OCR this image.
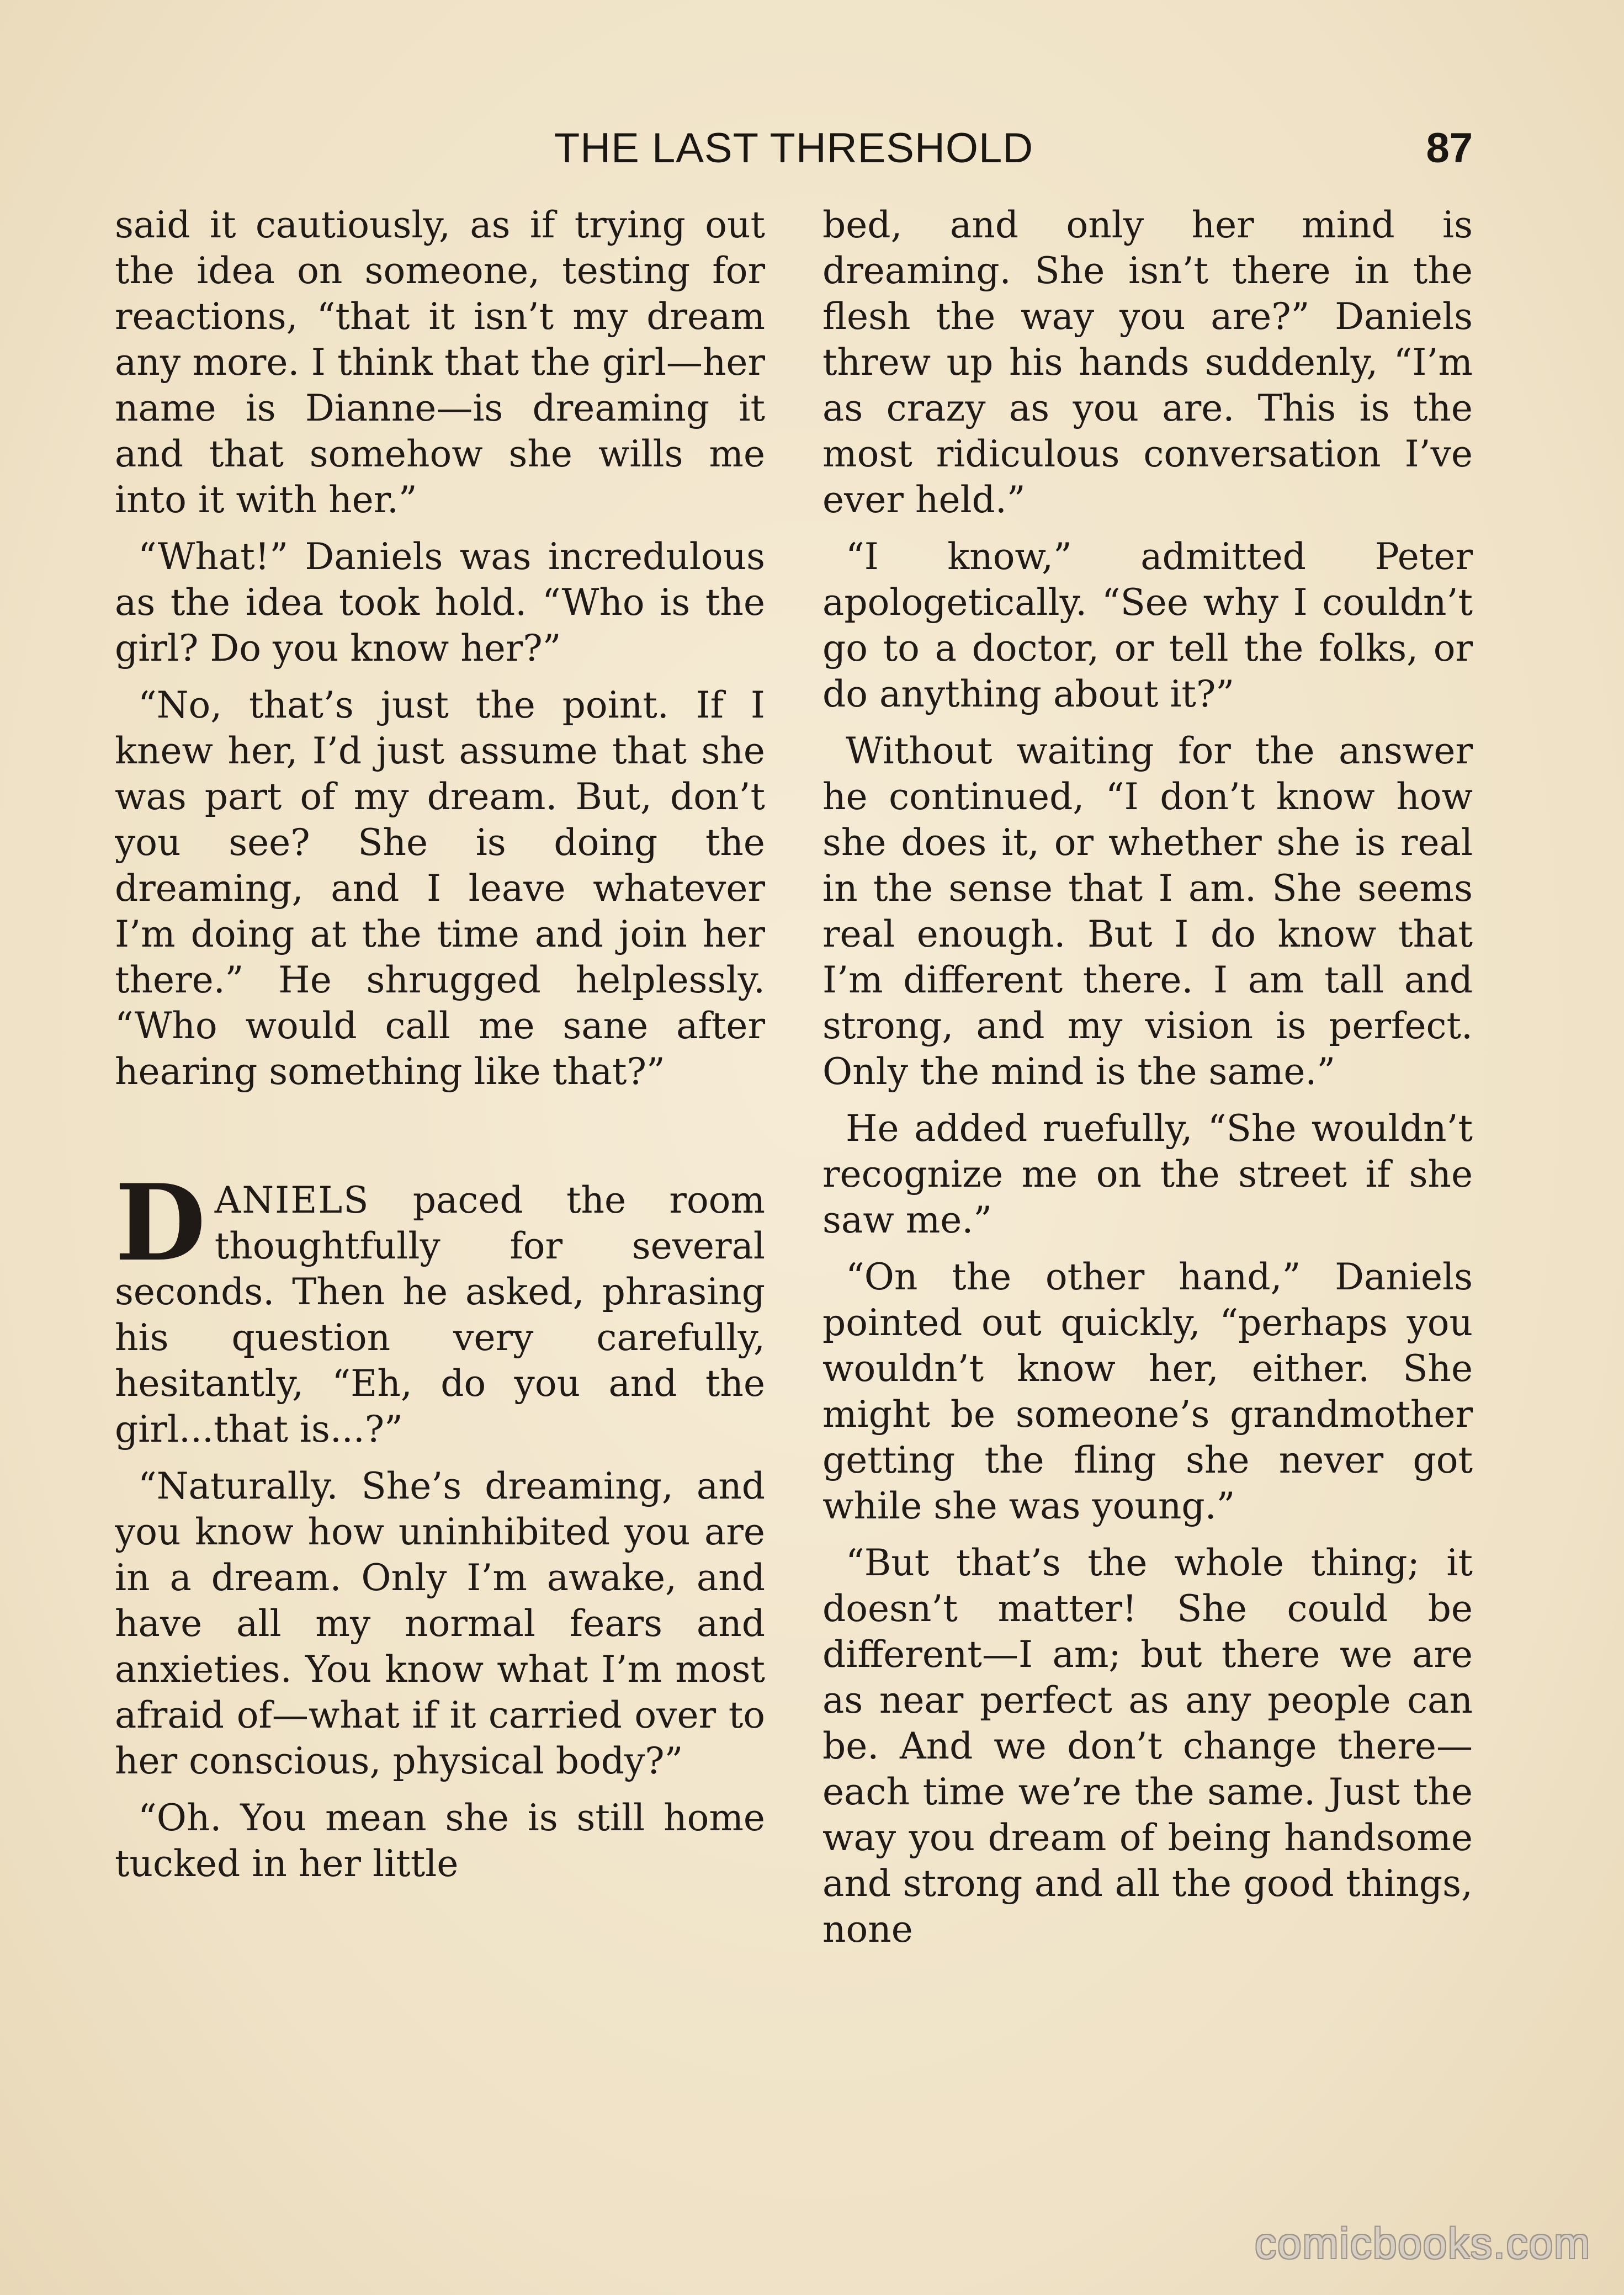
THE LAST THRESHOLD	87

said it cautiously, as if trying out the idea on someone, testing for reactions, “that it isn’t my dream any more. I think that the girl—her name is Dianne—is dreaming it and that somehow she wills me into it with her.”

“What!” Daniels was incredulous as the idea took hold. “Who is the girl? Do you know her?”

“No, that’s just the point. If I knew her, I’d just assume that she was part of my dream. But, don’t you see? She is doing the dreaming, and I leave whatever I’m doing at the time and join her there.” He shrugged helplessly. “Who would call me sane after hearing something like that?”

DANIELS paced the room thoughtfully for several seconds. Then he asked, phrasing his question very carefully, hesitantly, “Eh, do you and the girl...that is...?”

“Naturally. She’s dreaming, and you know how uninhibited you are in a dream. Only I’m awake, and have all my normal fears and anxieties. You know what I’m most afraid of—what if it carried over to her conscious, physical body?”

“Oh. You mean she is still home tucked in her little

bed, and only her mind is dreaming. She isn’t there in the flesh the way you are?” Daniels threw up his hands suddenly, “I’m as crazy as you are. This is the most ridiculous conversation I’ve ever held.”

“I know,” admitted Peter apologetically. “See why I couldn’t go to a doctor, or tell the folks, or do anything about it?”

Without waiting for the answer he continued, “I don’t know how she does it, or whether she is real in the sense that I am. She seems real enough. But I do know that I’m different there. I am tall and strong, and my vision is perfect. Only the mind is the same.”

He added ruefully, “She wouldn’t recognize me on the street if she saw me.”

“On the other hand,” Daniels pointed out quickly, “perhaps you wouldn’t know her, either. She might be someone’s grandmother getting the fling she never got while she was young.”

“But that’s the whole thing; it doesn’t matter! She could be different—I am; but there we are as near perfect as any people can be. And we don’t change there—each time we’re the same. Just the way you dream of being handsome and strong and all the good things, none

comicbooks.com
